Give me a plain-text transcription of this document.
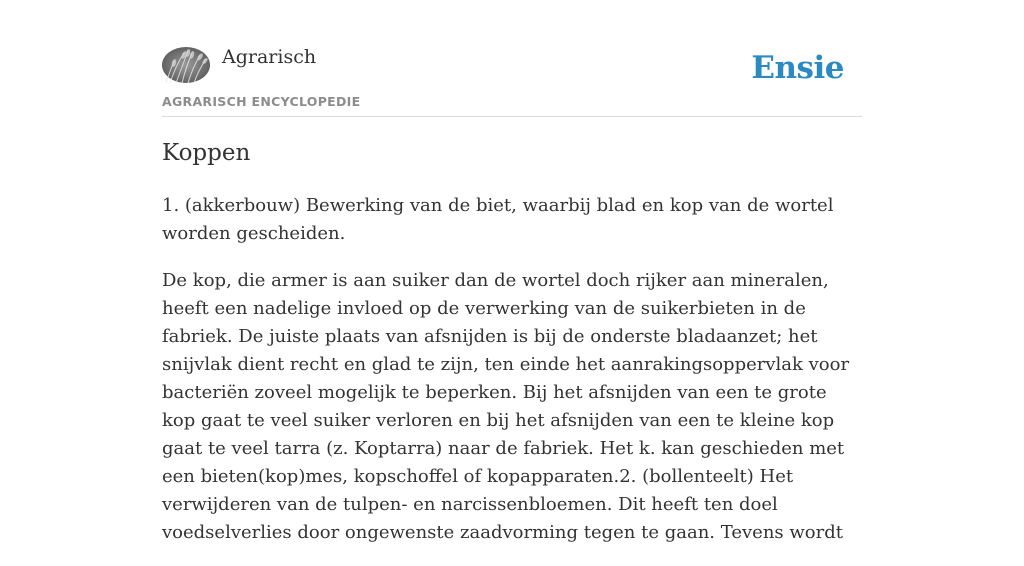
Agrarisch
AGRARISCH ENCYCLOPEDIE
Ensie
Koppen

1. (akkerbouw) Bewerking van de biet, waarbij blad en kop van de wortel worden gescheiden.

De kop, die armer is aan suiker dan de wortel doch rijker aan mineralen, heeft een nadelige invloed op de verwerking van de suikerbieten in de fabriek. De juiste plaats van afsnijden is bij de onderste bladaanzet; het snijvlak dient recht en glad te zijn, ten einde het aanrakingsoppervlak voor bacteriën zoveel mogelijk te beperken. Bij het afsnijden van een te grote kop gaat te veel suiker verloren en bij het afsnijden van een te kleine kop gaat te veel tarra (z. Koptarra) naar de fabriek. Het k. kan geschieden met een bieten(kop)mes, kopschoffel of kopapparaten.2. (bollenteelt) Het verwijderen van de tulpen- en narcissenbloemen. Dit heeft ten doel voedselverlies door ongewenste zaadvorming tegen te gaan. Tevens wordt
